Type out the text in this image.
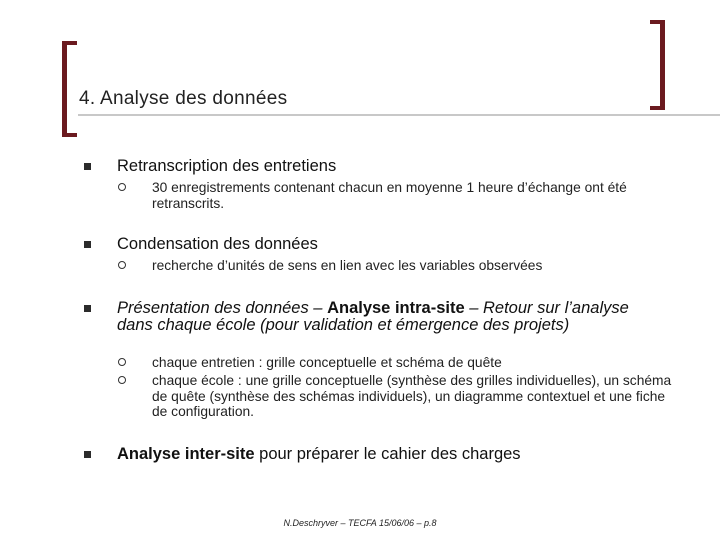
4. Analyse des données
Retranscription des entretiens
30 enregistrements contenant chacun en moyenne 1 heure d’échange ont été retranscrits.
Condensation des données
recherche d’unités de sens en lien avec les variables observées
Présentation des données – Analyse intra-site – Retour sur l’analyse dans chaque école (pour validation et émergence des projets)
chaque entretien : grille conceptuelle et schéma de quête
chaque école : une grille conceptuelle (synthèse des grilles individuelles), un schéma de quête (synthèse des schémas individuels), un diagramme contextuel et une fiche de configuration.
Analyse inter-site pour préparer le cahier des charges
N.Deschryver – TECFA 15/06/06 – p.8
